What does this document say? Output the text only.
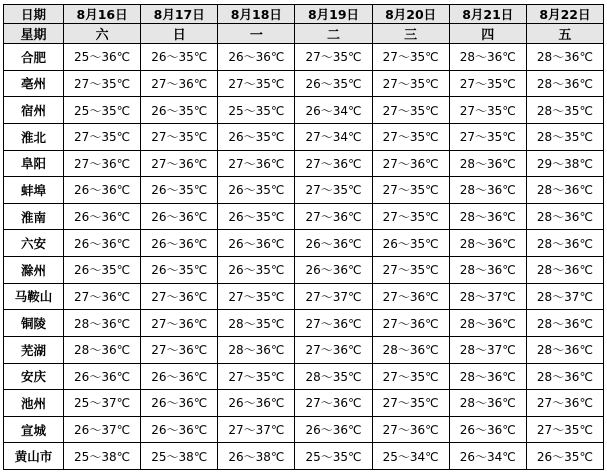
日期	8月16日	8月17日	8月18日	8月19日	8月20日	8月21日	8月22日
星期	六	日	一	二	三	四	五
合肥	25～36℃	26～35℃	26～36℃	27～35℃	27～35℃	28～36℃	28～36℃
亳州	27～35℃	27～36℃	27～35℃	26～35℃	27～35℃	27～35℃	28～36℃
宿州	25～35℃	26～35℃	25～35℃	26～34℃	27～35℃	27～35℃	28～35℃
淮北	27～35℃	27～35℃	26～35℃	27～34℃	27～35℃	27～35℃	28～35℃
阜阳	27～36℃	27～36℃	27～36℃	27～36℃	27～36℃	28～36℃	29～38℃
蚌埠	26～36℃	26～35℃	26～35℃	27～35℃	27～35℃	28～36℃	28～36℃
淮南	26～36℃	26～36℃	26～35℃	27～36℃	27～35℃	28～36℃	28～36℃
六安	26～36℃	26～36℃	26～36℃	26～36℃	26～35℃	28～36℃	28～36℃
滁州	26～35℃	26～35℃	26～35℃	26～36℃	27～35℃	28～36℃	28～36℃
马鞍山	27～36℃	27～36℃	27～35℃	27～37℃	27～36℃	28～37℃	28～37℃
铜陵	28～36℃	27～36℃	28～35℃	27～36℃	27～36℃	28～36℃	28～36℃
芜湖	28～36℃	27～36℃	28～36℃	27～36℃	28～36℃	28～37℃	28～36℃
安庆	26～36℃	26～36℃	27～35℃	28～35℃	27～35℃	28～36℃	28～36℃
池州	25～37℃	26～36℃	26～36℃	27～36℃	27～35℃	28～36℃	27～36℃
宣城	26～37℃	26～36℃	27～37℃	26～36℃	27～36℃	26～36℃	27～35℃
黄山市	25～38℃	25～38℃	26～38℃	25～35℃	25～34℃	26～34℃	26～35℃
